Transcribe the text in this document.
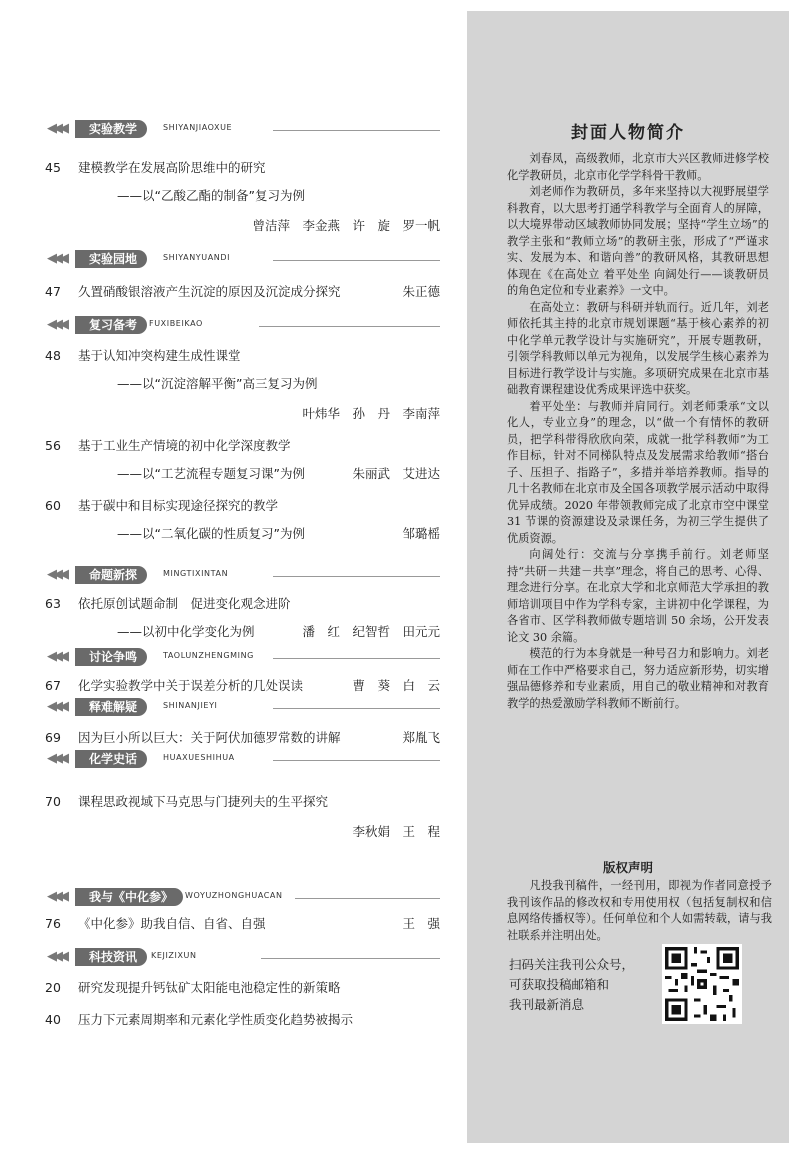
◀◀◀	实验教学	SHIYANJIAOXUE
45	建模教学在发展高阶思维中的研究
——以“乙酸乙酯的制备”复习为例
曾洁萍　李金燕　许　旋　罗一帆
◀◀◀	实验园地	SHIYANYUANDI
47	久置硝酸银溶液产生沉淀的原因及沉淀成分探究	朱正德
◀◀◀	复习备考	FUXIBEIKAO
48	基于认知冲突构建生成性课堂
——以“沉淀溶解平衡”高三复习为例
叶炜华　孙　丹　李南萍
56	基于工业生产情境的初中化学深度教学
——以“工艺流程专题复习课”为例	朱丽武　艾进达
60	基于碳中和目标实现途径探究的教学
——以“二氧化碳的性质复习”为例	邹璐榣
◀◀◀	命题新探	MINGTIXINTAN
63	依托原创试题命制　促进变化观念进阶
——以初中化学变化为例	潘　红　纪智哲　田元元
◀◀◀	讨论争鸣	TAOLUNZHENGMING
67	化学实验教学中关于误差分析的几处误读	曹　葵　白　云
◀◀◀	释难解疑	SHINANJIEYI
69	因为巨小所以巨大：关于阿伏加德罗常数的讲解	郑胤飞
◀◀◀	化学史话	HUAXUESHIHUA
70	课程思政视域下马克思与门捷列夫的生平探究
李秋娟　王　程
◀◀◀	我与《中化参》	WOYUZHONGHUACAN
76	《中化参》助我自信、自省、自强	王　强
◀◀◀	科技资讯	KEJIZIXUN
20	研究发现提升钙钛矿太阳能电池稳定性的新策略
40	压力下元素周期率和元素化学性质变化趋势被揭示
封面人物简介

刘春凤，高级教师，北京市大兴区教师进修学校化学教研员，北京市化学学科骨干教师。

刘老师作为教研员，多年来坚持以大视野展望学科教育，以大思考打通学科教学与全面育人的屏障，以大境界带动区域教师协同发展；坚持“学生立场”的教学主张和“教师立场”的教研主张，形成了“严谨求实、发展为本、和谐向善”的教研风格，其教研思想体现在《在高处立 着平处坐 向阔处行——谈教研员的角色定位和专业素养》一文中。

在高处立：教研与科研并轨而行。近几年，刘老师依托其主持的北京市规划课题“基于核心素养的初中化学单元教学设计与实施研究”，开展专题教研，引领学科教师以单元为视角，以发展学生核心素养为目标进行教学设计与实施。多项研究成果在北京市基础教育课程建设优秀成果评选中获奖。

着平处坐：与教师并肩同行。刘老师秉承“文以化人，专业立身”的理念，以“做一个有情怀的教研员，把学科带得欣欣向荣，成就一批学科教师”为工作目标，针对不同梯队特点及发展需求给教师“搭台子、压担子、指路子”，多措并举培养教师。指导的几十名教师在北京市及全国各项教学展示活动中取得优异成绩。2020 年带领教师完成了北京市空中课堂 31 节课的资源建设及录课任务，为初三学生提供了优质资源。

向阔处行：交流与分享携手前行。刘老师坚持“共研－共建－共享”理念，将自己的思考、心得、理念进行分享。在北京大学和北京师范大学承担的教师培训项目中作为学科专家，主讲初中化学课程，为各省市、区学科教师做专题培训 50 余场，公开发表论文 30 余篇。

模范的行为本身就是一种号召力和影响力。刘老师在工作中严格要求自己，努力适应新形势，切实增强品德修养和专业素质，用自己的敬业精神和对教育教学的热爱激励学科教师不断前行。

版权声明

凡投我刊稿件，一经刊用，即视为作者同意授予我刊该作品的修改权和专用使用权（包括复制权和信息网络传播权等）。任何单位和个人如需转载，请与我社联系并注明出处。

扫码关注我刊公众号，
可获取投稿邮箱和
我刊最新消息
